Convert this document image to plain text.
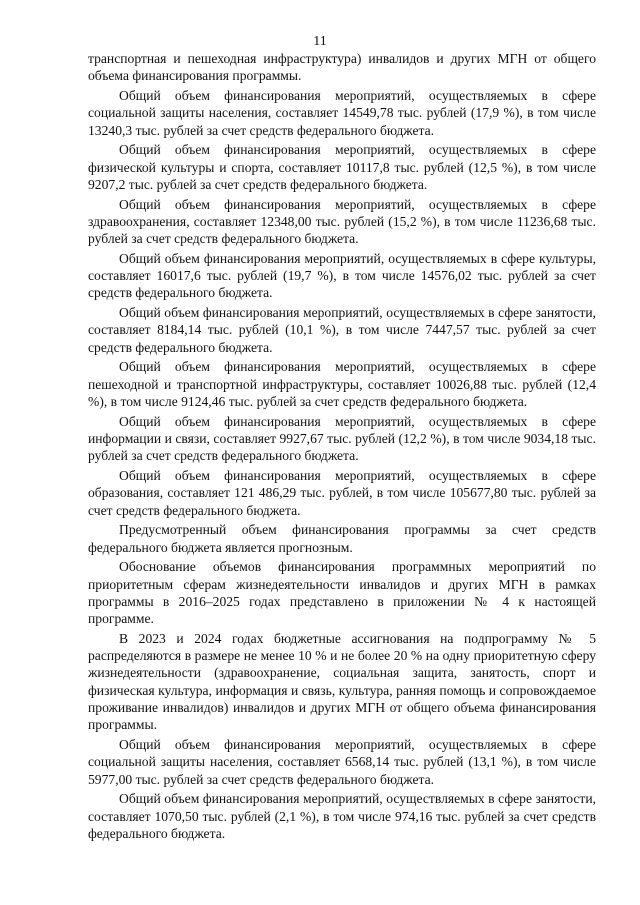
11

транспортная и пешеходная инфраструктура) инвалидов и других МГН от общего объема финансирования программы.

Общий объем финансирования мероприятий, осуществляемых в сфере социальной защиты населения, составляет 14549,78 тыс. рублей (17,9 %), в том числе 13240,3 тыс. рублей за счет средств федерального бюджета.

Общий объем финансирования мероприятий, осуществляемых в сфере физической культуры и спорта, составляет 10117,8 тыс. рублей (12,5 %), в том числе 9207,2 тыс. рублей за счет средств федерального бюджета.

Общий объем финансирования мероприятий, осуществляемых в сфере здравоохранения, составляет 12348,00 тыс. рублей (15,2 %), в том числе 11236,68 тыс. рублей за счет средств федерального бюджета.

Общий объем финансирования мероприятий, осуществляемых в сфере культуры, составляет 16017,6 тыс. рублей (19,7 %), в том числе 14576,02 тыс. рублей за счет средств федерального бюджета.

Общий объем финансирования мероприятий, осуществляемых в сфере занятости, составляет 8184,14 тыс. рублей (10,1 %), в том числе 7447,57 тыс. рублей за счет средств федерального бюджета.

Общий объем финансирования мероприятий, осуществляемых в сфере пешеходной и транспортной инфраструктуры, составляет 10026,88 тыс. рублей (12,4 %), в том числе 9124,46 тыс. рублей за счет средств федерального бюджета.

Общий объем финансирования мероприятий, осуществляемых в сфере информации и связи, составляет 9927,67 тыс. рублей (12,2 %), в том числе 9034,18 тыс. рублей за счет средств федерального бюджета.

Общий объем финансирования мероприятий, осуществляемых в сфере образования, составляет 121 486,29 тыс. рублей, в том числе 105677,80 тыс. рублей за счет средств федерального бюджета.

Предусмотренный объем финансирования программы за счет средств федерального бюджета является прогнозным.

Обоснование объемов финансирования программных мероприятий по приоритетным сферам жизнедеятельности инвалидов и других МГН в рамках программы в 2016–2025 годах представлено в приложении № 4 к настоящей программе.

В 2023 и 2024 годах бюджетные ассигнования на подпрограмму № 5 распределяются в размере не менее 10 % и не более 20 % на одну приоритетную сферу жизнедеятельности (здравоохранение, социальная защита, занятость, спорт и физическая культура, информация и связь, культура, ранняя помощь и сопровождаемое проживание инвалидов) инвалидов и других МГН от общего объема финансирования программы.

Общий объем финансирования мероприятий, осуществляемых в сфере социальной защиты населения, составляет 6568,14 тыс. рублей (13,1 %), в том числе 5977,00 тыс. рублей за счет средств федерального бюджета.

Общий объем финансирования мероприятий, осуществляемых в сфере занятости, составляет 1070,50 тыс. рублей (2,1 %), в том числе 974,16 тыс. рублей за счет средств федерального бюджета.
